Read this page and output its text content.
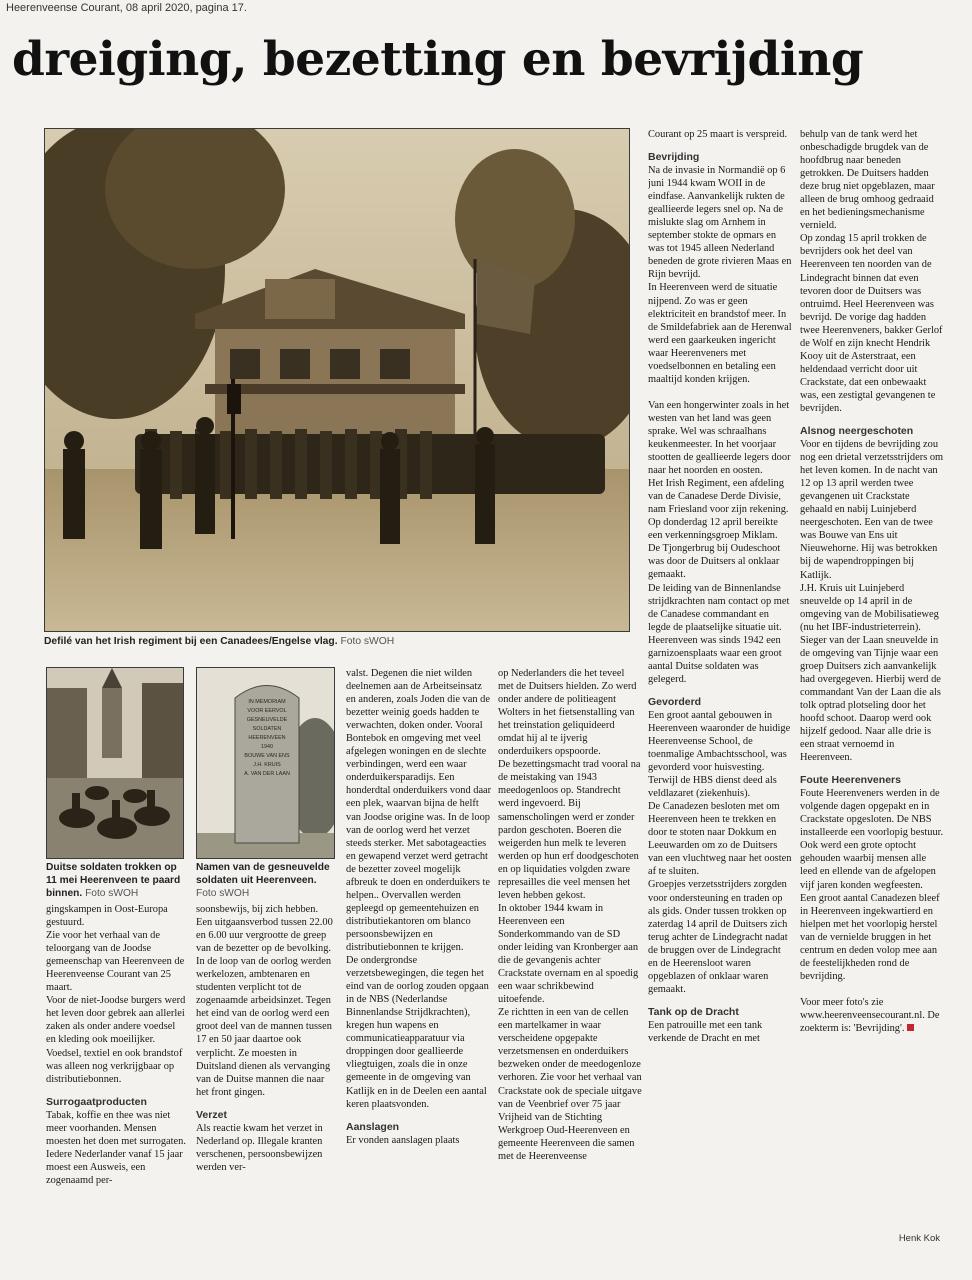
Heerenveense Courant, 08 april 2020, pagina 17.
dreiging, bezetting en bevrijding
Defilé van het Irish regiment bij een Canadees/Engelse vlag. Foto sWOH
Duitse soldaten trokken op 11 mei Heerenveen te paard binnen. Foto sWOH
IN MEMORIAM
VOOR EERVOL
GESNEUVELDE
SOLDATEN
HEERENVEEN
1940
BOUWE VAN ENS
J.H. KRUIS
A. VAN DER LAAN
Namen van de gesneuvelde soldaten uit Heerenveen. Foto sWOH

gingskampen in Oost-Europa gestuurd.

Zie voor het verhaal van de teloorgang van de Joodse gemeenschap van Heerenveen de Heerenveense Courant van 25 maart.

Voor de niet-Joodse burgers werd het leven door gebrek aan allerlei zaken als onder andere voedsel en kleding ook moeilijker. Voedsel, textiel en ook brandstof was alleen nog verkrijgbaar op distributiebonnen.

Surrogaatproducten

Tabak, koffie en thee was niet meer voorhanden. Mensen moesten het doen met surrogaten. Iedere Nederlander vanaf 15 jaar moest een Ausweis, een zogenaamd per-

soonsbewijs, bij zich hebben. Een uitgaansverbod tussen 22.00 en 6.00 uur vergrootte de greep van de bezetter op de bevolking. In de loop van de oorlog werden werkelozen, ambtenaren en studenten verplicht tot de zogenaamde arbeidsinzet. Tegen het eind van de oorlog werd een groot deel van de mannen tussen 17 en 50 jaar daartoe ook verplicht. Ze moesten in Duitsland dienen als vervanging van de Duitse mannen die naar het front gingen.

Verzet

Als reactie kwam het verzet in Nederland op. Illegale kranten verschenen, persoonsbewijzen werden ver-

valst. Degenen die niet wilden deelnemen aan de Arbeitseinsatz en anderen, zoals Joden die van de bezetter weinig goeds hadden te verwachten, doken onder. Vooral Bontebok en omgeving met veel afgelegen woningen en de slechte verbindingen, werd een waar onderduikersparadijs. Een honderdtal onderduikers vond daar een plek, waarvan bijna de helft van Joodse origine was. In de loop van de oorlog werd het verzet steeds sterker. Met sabotageacties en gewapend verzet werd getracht de bezetter zoveel mogelijk afbreuk te doen en onderduikers te helpen.. Overvallen werden gepleegd op gemeentehuizen en distributiekantoren om blanco persoonsbewijzen en distributiebonnen te krijgen.

De ondergrondse verzetsbewegingen, die tegen het eind van de oorlog zouden opgaan in de NBS (Nederlandse Binnenlandse Strijdkrachten), kregen hun wapens en communicatieapparatuur via droppingen door geallieerde vliegtuigen, zoals die in onze gemeente in de omgeving van Katlijk en in de Deelen een aantal keren plaatsvonden.

Aanslagen

Er vonden aanslagen plaats

op Nederlanders die het teveel met de Duitsers hielden. Zo werd onder andere de politieagent Wolters in het fietsenstalling van het treinstation geliquideerd omdat hij al te ijverig onderduikers opspoorde.

De bezettingsmacht trad vooral na de meistaking van 1943 meedogenloos op. Standrecht werd ingevoerd. Bij samenscholingen werd er zonder pardon geschoten. Boeren die weigerden hun melk te leveren werden op hun erf doodgeschoten en op liquidaties volgden zware represailles die veel mensen het leven hebben gekost.

In oktober 1944 kwam in Heerenveen een Sonderkommando van de SD onder leiding van Kronberger aan die de gevangenis achter Crackstate overnam en al spoedig een waar schrikbewind uitoefende.

Ze richtten in een van de cellen een martelkamer in waar verscheidene opgepakte verzetsmensen en onderduikers bezweken onder de meedogenloze verhoren. Zie voor het verhaal van Crackstate ook de speciale uitgave van de Veenbrief over 75 jaar Vrijheid van de Stichting Werkgroep Oud-Heerenveen en gemeente Heerenveen die samen met de Heerenveense

Courant op 25 maart is verspreid.

Bevrijding

Na de invasie in Normandië op 6 juni 1944 kwam WOII in de eindfase. Aanvankelijk rukten de geallieerde legers snel op. Na de mislukte slag om Arnhem in september stokte de opmars en was tot 1945 alleen Nederland beneden de grote rivieren Maas en Rijn bevrijd.

In Heerenveen werd de situatie nijpend. Zo was er geen elektriciteit en brandstof meer. In de Smildefabriek aan de Herenwal werd een gaarkeuken ingericht waar Heerenveners met voedselbonnen en betaling een maaltijd konden krijgen.

Van een hongerwinter zoals in het westen van het land was geen sprake. Wel was schraalhans keukenmeester. In het voorjaar stootten de geallieerde legers door naar het noorden en oosten.

Het Irish Regiment, een afdeling van de Canadese Derde Divisie, nam Friesland voor zijn rekening. Op donderdag 12 april bereikte een verkenningsgroep Miklam. De Tjongerbrug bij Oudeschoot was door de Duitsers al onklaar gemaakt.

De leiding van de Binnenlandse strijdkrachten nam contact op met de Canadese commandant en legde de plaatselijke situatie uit. Heerenveen was sinds 1942 een garnizoensplaats waar een groot aantal Duitse soldaten was gelegerd.

Gevorderd

Een groot aantal gebouwen in Heerenveen waaronder de huidige Heerenveense School, de toenmalige Ambachtsschool, was gevorderd voor huisvesting. Terwijl de HBS dienst deed als veldlazaret (ziekenhuis).

De Canadezen besloten met om Heerenveen heen te trekken en door te stoten naar Dokkum en Leeuwarden om zo de Duitsers van een vluchtweg naar het oosten af te sluiten.

Groepjes verzetsstrijders zorgden voor ondersteuning en traden op als gids. Onder tussen trokken op zaterdag 14 april de Duitsers zich terug achter de Lindegracht nadat de bruggen over de Lindegracht en de Heerensloot waren opgeblazen of onklaar waren gemaakt.

Tank op de Dracht

Een patrouille met een tank verkende de Dracht en met

behulp van de tank werd het onbeschadigde brugdek van de hoofdbrug naar beneden getrokken. De Duitsers hadden deze brug niet opgeblazen, maar alleen de brug omhoog gedraaid en het bedieningsmechanisme vernield.

Op zondag 15 april trokken de bevrijders ook het deel van Heerenveen ten noorden van de Lindegracht binnen dat even tevoren door de Duitsers was ontruimd. Heel Heerenveen was bevrijd. De vorige dag hadden twee Heerenveners, bakker Gerlof de Wolf en zijn knecht Hendrik Kooy uit de Asterstraat, een heldendaad verricht door uit Crackstate, dat een onbewaakt was, een zestigtal gevangenen te bevrijden.

Alsnog neergeschoten

Voor en tijdens de bevrijding zou nog een drietal verzetsstrijders om het leven komen. In de nacht van 12 op 13 april werden twee gevangenen uit Crackstate gehaald en nabij Luinjeberd neergeschoten. Een van de twee was Bouwe van Ens uit Nieuwehorne. Hij was betrokken bij de wapendroppingen bij Katlijk.

J.H. Kruis uit Luinjeberd sneuvelde op 14 april in de omgeving van de Mobilisatieweg (nu het IBF-industrieterrein).

Sieger van der Laan sneuvelde in de omgeving van Tijnje waar een groep Duitsers zich aanvankelijk had overgegeven. Hierbij werd de commandant Van der Laan die als tolk optrad plotseling door het hoofd schoot. Daarop werd ook hijzelf gedood. Naar alle drie is een straat vernoemd in Heerenveen.

Foute Heerenveners

Foute Heerenveners werden in de volgende dagen opgepakt en in Crackstate opgesloten. De NBS installeerde een voorlopig bestuur.

Ook werd een grote optocht gehouden waarbij mensen alle leed en ellende van de afgelopen vijf jaren konden wegfeesten.

Een groot aantal Canadezen bleef in Heerenveen ingekwartierd en hielpen met het voorlopig herstel van de vernielde bruggen in het centrum en deden volop mee aan de feestelijkheden rond de bevrijding.

Voor meer foto's zie www.heerenveensecourant.nl. De zoekterm is: 'Bevrijding'.

Henk Kok
